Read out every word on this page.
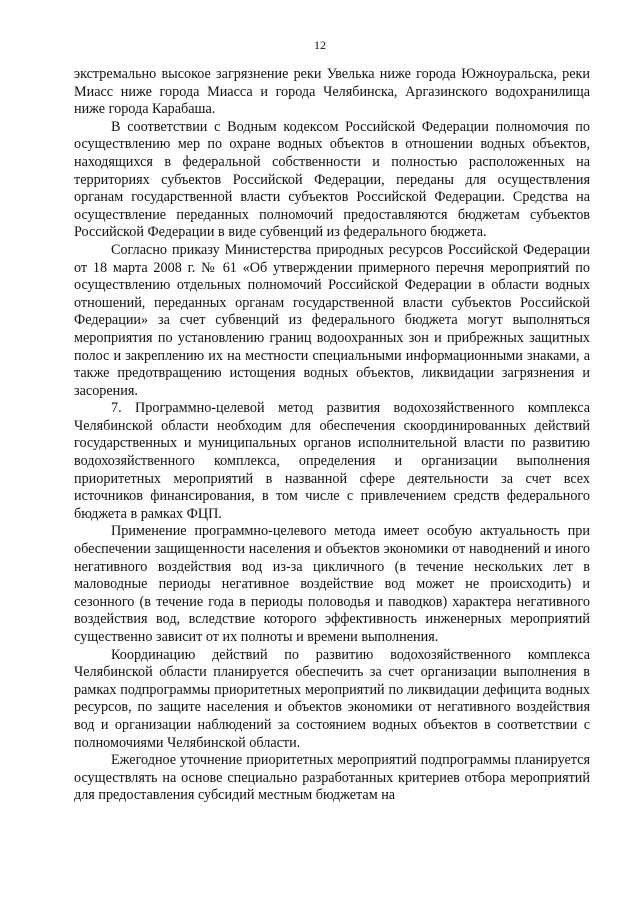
12

экстремально высокое загрязнение реки Увелька ниже города Южноуральска, реки Миасс ниже города Миасса и города Челябинска, Аргазинского водохранилища ниже города Карабаша.

В соответствии с Водным кодексом Российской Федерации полномочия по осуществлению мер по охране водных объектов в отношении водных объектов, находящихся в федеральной собственности и полностью расположенных на территориях субъектов Российской Федерации, переданы для осуществления органам государственной власти субъектов Российской Федерации. Средства на осуществление переданных полномочий предоставляются бюджетам субъектов Российской Федерации в виде субвенций из федерального бюджета.

Согласно приказу Министерства природных ресурсов Российской Федерации от 18 марта 2008 г. № 61 «Об утверждении примерного перечня мероприятий по осуществлению отдельных полномочий Российской Федерации в области водных отношений, переданных органам государственной власти субъектов Российской Федерации» за счет субвенций из федерального бюджета могут выполняться мероприятия по установлению границ водоохранных зон и прибрежных защитных полос и закреплению их на местности специальными информационными знаками, а также предотвращению истощения водных объектов, ликвидации загрязнения и засорения.

7. Программно-целевой метод развития водохозяйственного комплекса Челябинской области необходим для обеспечения скоординированных действий государственных и муниципальных органов исполнительной власти по развитию водохозяйственного комплекса, определения и организации выполнения приоритетных мероприятий в названной сфере деятельности за счет всех источников финансирования, в том числе с привлечением средств федерального бюджета в рамках ФЦП.

Применение программно-целевого метода имеет особую актуальность при обеспечении защищенности населения и объектов экономики от наводнений и иного негативного воздействия вод из-за цикличного (в течение нескольких лет в маловодные периоды негативное воздействие вод может не происходить) и сезонного (в течение года в периоды половодья и паводков) характера негативного воздействия вод, вследствие которого эффективность инженерных мероприятий существенно зависит от их полноты и времени выполнения.

Координацию действий по развитию водохозяйственного комплекса Челябинской области планируется обеспечить за счет организации выполнения в рамках подпрограммы приоритетных мероприятий по ликвидации дефицита водных ресурсов, по защите населения и объектов экономики от негативного воздействия вод и организации наблюдений за состоянием водных объектов в соответствии с полномочиями Челябинской области.

Ежегодное уточнение приоритетных мероприятий подпрограммы планируется осуществлять на основе специально разработанных критериев отбора мероприятий для предоставления субсидий местным бюджетам на
